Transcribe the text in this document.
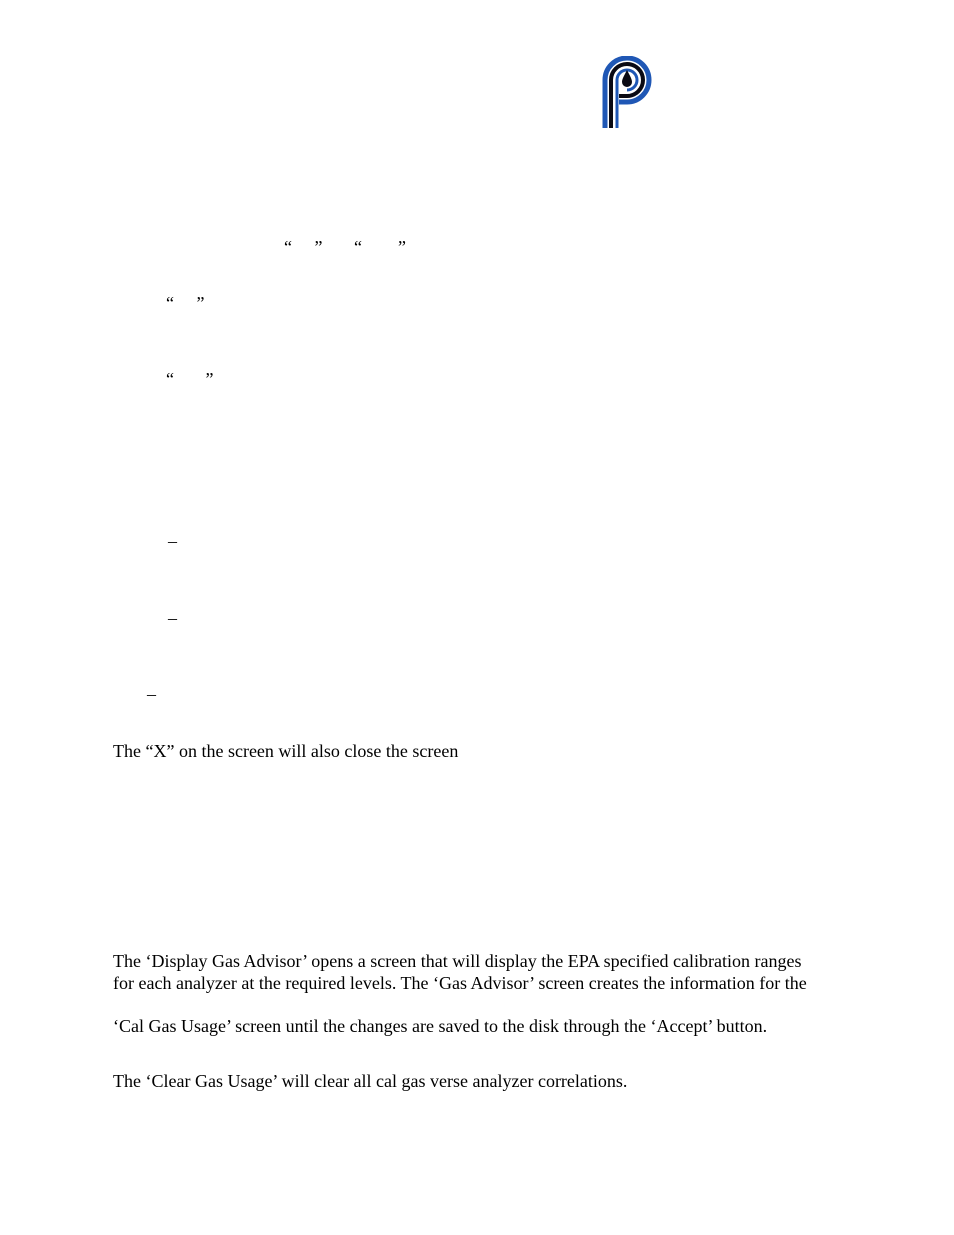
“     ”       “        ”
“     ”
“       ”
–
–
–
The “X” on the screen will also close the screen
The ‘Display Gas Advisor’ opens a screen that will display the EPA specified calibration ranges
for each analyzer at the required levels. The ‘Gas Advisor’ screen creates the information for the
‘Cal Gas Usage’ screen until the changes are saved to the disk through the ‘Accept’ button.
The ‘Clear Gas Usage’ will clear all cal gas verse analyzer correlations.
